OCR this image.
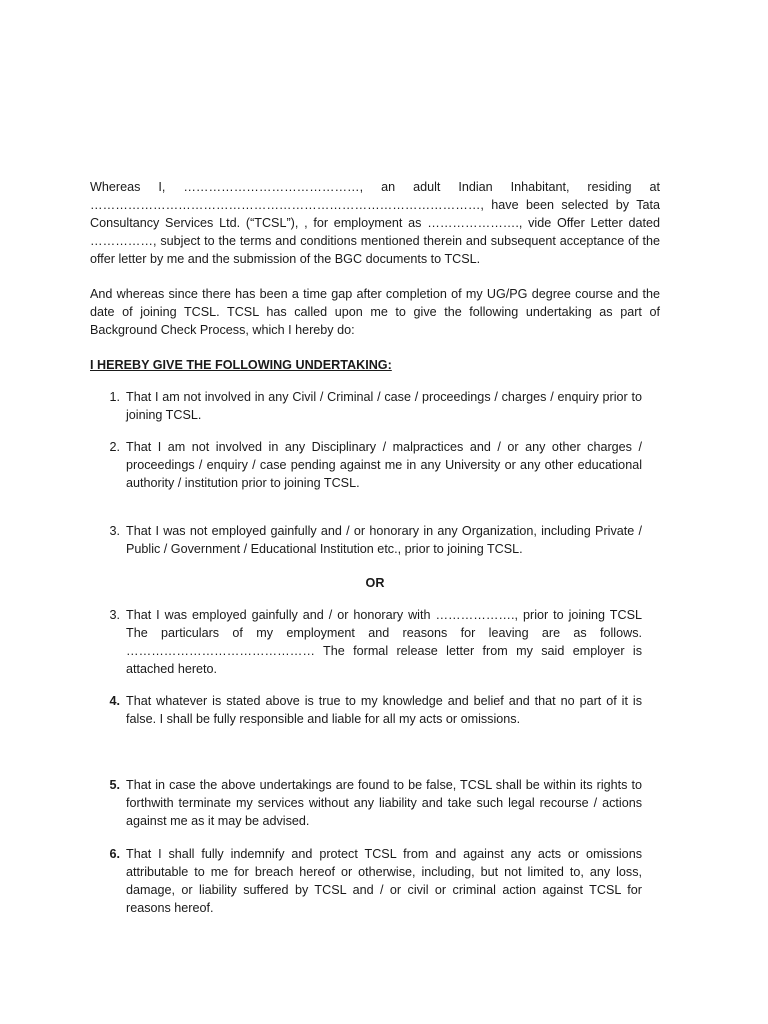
Whereas I, ……………………………………, an adult Indian Inhabitant, residing at …………………………………………………………………………………, have been selected by Tata Consultancy Services Ltd. (“TCSL”), , for employment as …………………., vide Offer Letter dated ……………, subject to the terms and conditions mentioned therein and subsequent acceptance of the offer letter by me and the submission of the BGC documents to TCSL.

And whereas since there has been a time gap after completion of my UG/PG degree course and the date of joining TCSL. TCSL has called upon me to give the following undertaking as part of Background Check Process, which I hereby do:

I HEREBY GIVE THE FOLLOWING UNDERTAKING:

1. That I am not involved in any Civil / Criminal / case / proceedings / charges / enquiry prior to joining TCSL.
2. That I am not involved in any Disciplinary / malpractices and / or any other charges / proceedings / enquiry / case pending against me in any University or any other educational authority / institution prior to joining TCSL.
3. That I was not employed gainfully and / or honorary in any Organization, including Private / Public / Government / Educational Institution etc., prior to joining TCSL.

OR

3. That I was employed gainfully and / or honorary with ………………., prior to joining TCSL The particulars of my employment and reasons for leaving are as follows. ……………………………………… The formal release letter from my said employer is attached hereto.
4. That whatever is stated above is true to my knowledge and belief and that no part of it is false. I shall be fully responsible and liable for all my acts or omissions.
5. That in case the above undertakings are found to be false, TCSL shall be within its rights to forthwith terminate my services without any liability and take such legal recourse / actions against me as it may be advised.
6. That I shall fully indemnify and protect TCSL from and against any acts or omissions attributable to me for breach hereof or otherwise, including, but not limited to, any loss, damage, or liability suffered by TCSL and / or civil or criminal action against TCSL for reasons hereof.
